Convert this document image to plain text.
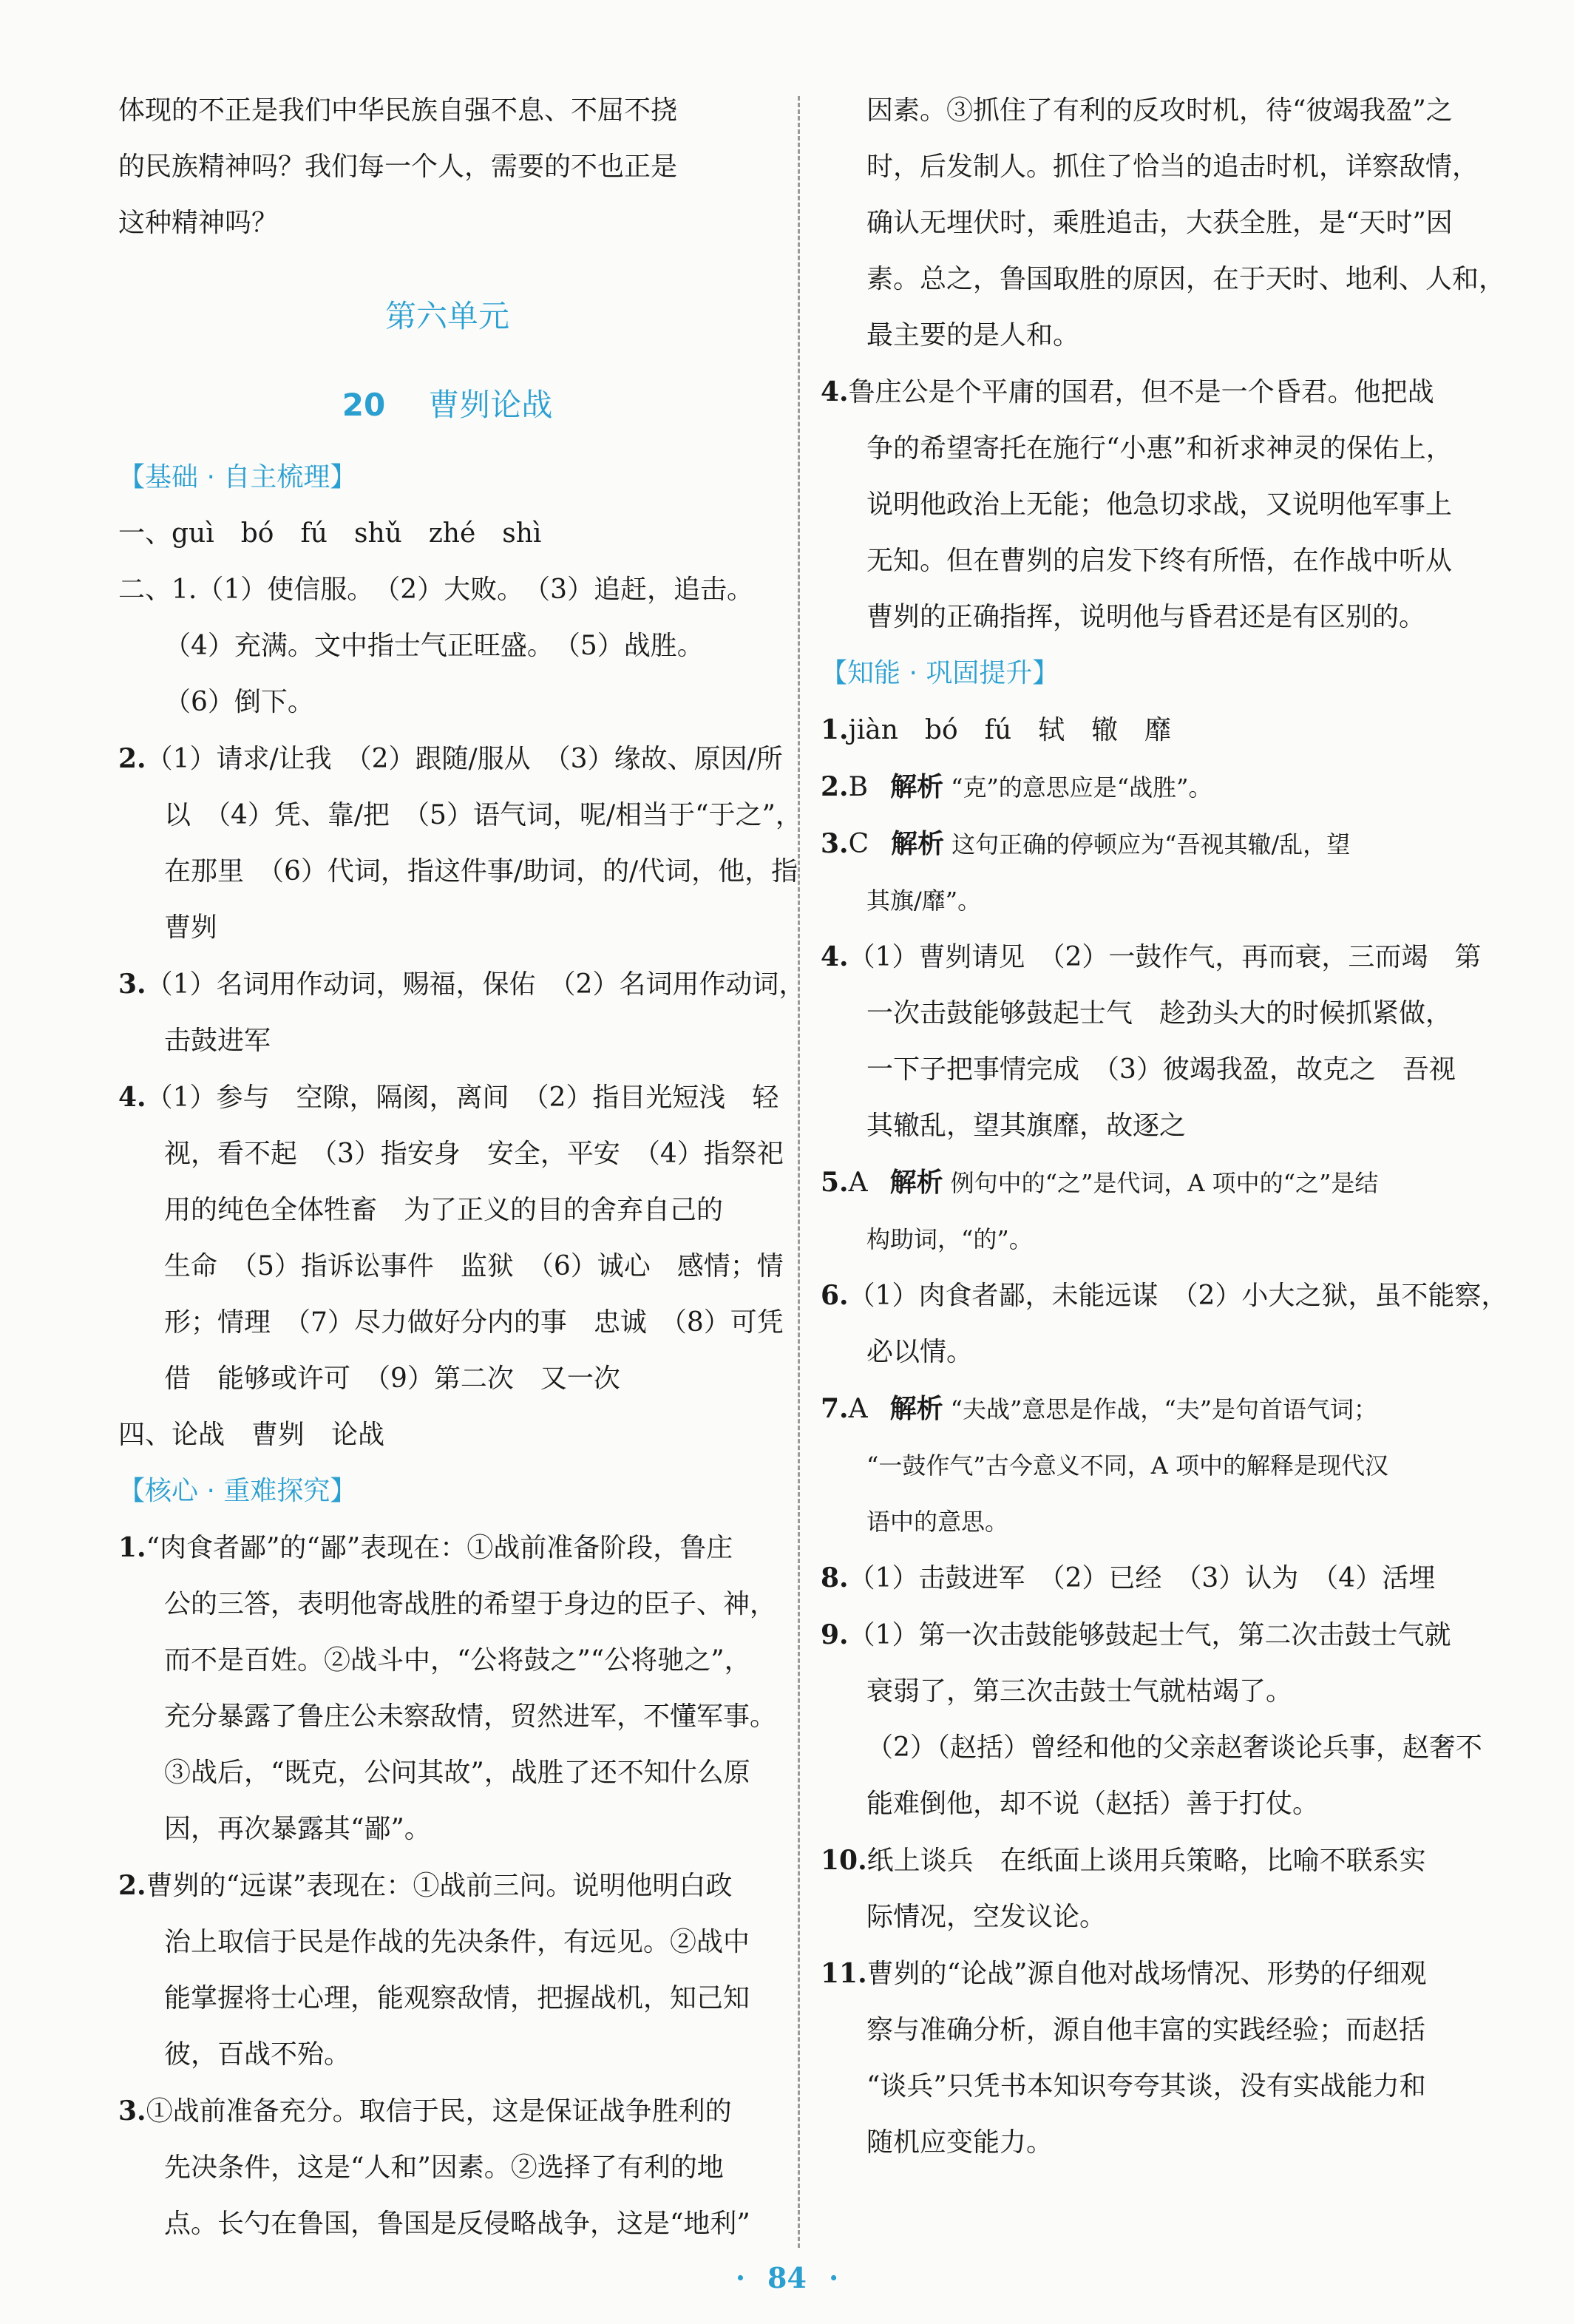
体现的不正是我们中华民族自强不息、不屈不挠

的民族精神吗？我们每一个人，需要的不也正是

这种精神吗？

第六单元
20 曹刿论战
【基础 · 自主梳理】

一、guì　bó　fú　shǔ　zhé　shì

二、1.（1）使信服。　（2）大败。　（3）追赶，追击。

（4）充满。文中指士气正旺盛。　（5）战胜。

（6）倒下。

2.（1）请求/让我　（2）跟随/服从　（3）缘故、原因/所

以　（4）凭、靠/把　（5）语气词，呢/相当于“于之”，

在那里　（6）代词，指这件事/助词，的/代词，他，指

曹刿

3.（1）名词用作动词，赐福，保佑　（2）名词用作动词，

击鼓进军

4.（1）参与　空隙，隔阂，离间　（2）指目光短浅　轻

视，看不起　（3）指安身　安全，平安　（4）指祭祀

用的纯色全体牲畜　为了正义的目的舍弃自己的

生命　（5）指诉讼事件　监狱　（6）诚心　感情；情

形；情理　（7）尽力做好分内的事　忠诚　（8）可凭

借　能够或许可　（9）第二次　又一次

四、论战　曹刿　论战

【核心 · 重难探究】

1.“肉食者鄙”的“鄙”表现在：①战前准备阶段，鲁庄

公的三答，表明他寄战胜的希望于身边的臣子、神，

而不是百姓。②战斗中，“公将鼓之”“公将驰之”，

充分暴露了鲁庄公未察敌情，贸然进军，不懂军事。

③战后，“既克，公问其故”，战胜了还不知什么原

因，再次暴露其“鄙”。

2.曹刿的“远谋”表现在：①战前三问。说明他明白政

治上取信于民是作战的先决条件，有远见。②战中

能掌握将士心理，能观察敌情，把握战机，知己知

彼，百战不殆。

3.①战前准备充分。取信于民，这是保证战争胜利的

先决条件，这是“人和”因素。②选择了有利的地

点。长勺在鲁国，鲁国是反侵略战争，这是“地利”

因素。③抓住了有利的反攻时机，待“彼竭我盈”之

时，后发制人。抓住了恰当的追击时机，详察敌情，

确认无埋伏时，乘胜追击，大获全胜，是“天时”因

素。总之，鲁国取胜的原因，在于天时、地利、人和，

最主要的是人和。

4.鲁庄公是个平庸的国君，但不是一个昏君。他把战

争的希望寄托在施行“小惠”和祈求神灵的保佑上，

说明他政治上无能；他急切求战，又说明他军事上

无知。但在曹刿的启发下终有所悟，在作战中听从

曹刿的正确指挥，说明他与昏君还是有区别的。

【知能 · 巩固提升】

1.jiàn　bó　fú　轼　辙　靡

2.B 解析 “克”的意思应是“战胜”。

3.C 解析 这句正确的停顿应为“吾视其辙/乱，望

其旗/靡”。

4.（1）曹刿请见　（2）一鼓作气，再而衰，三而竭　第

一次击鼓能够鼓起士气　趁劲头大的时候抓紧做，

一下子把事情完成　（3）彼竭我盈，故克之　吾视

其辙乱，望其旗靡，故逐之

5.A 解析 例句中的“之”是代词，A 项中的“之”是结

构助词，“的”。

6.（1）肉食者鄙，未能远谋　（2）小大之狱，虽不能察，

必以情。

7.A 解析 “夫战”意思是作战，“夫”是句首语气词；

“一鼓作气”古今意义不同，A 项中的解释是现代汉

语中的意思。

8.（1）击鼓进军　（2）已经　（3）认为　（4）活埋

9.（1）第一次击鼓能够鼓起士气，第二次击鼓士气就

衰弱了，第三次击鼓士气就枯竭了。

（2）（赵括）曾经和他的父亲赵奢谈论兵事，赵奢不

能难倒他，却不说（赵括）善于打仗。

10.纸上谈兵　在纸面上谈用兵策略，比喻不联系实

际情况，空发议论。

11.曹刿的“论战”源自他对战场情况、形势的仔细观

察与准确分析，源自他丰富的实践经验；而赵括

“谈兵”只凭书本知识夸夸其谈，没有实战能力和

随机应变能力。

· 84 ·
